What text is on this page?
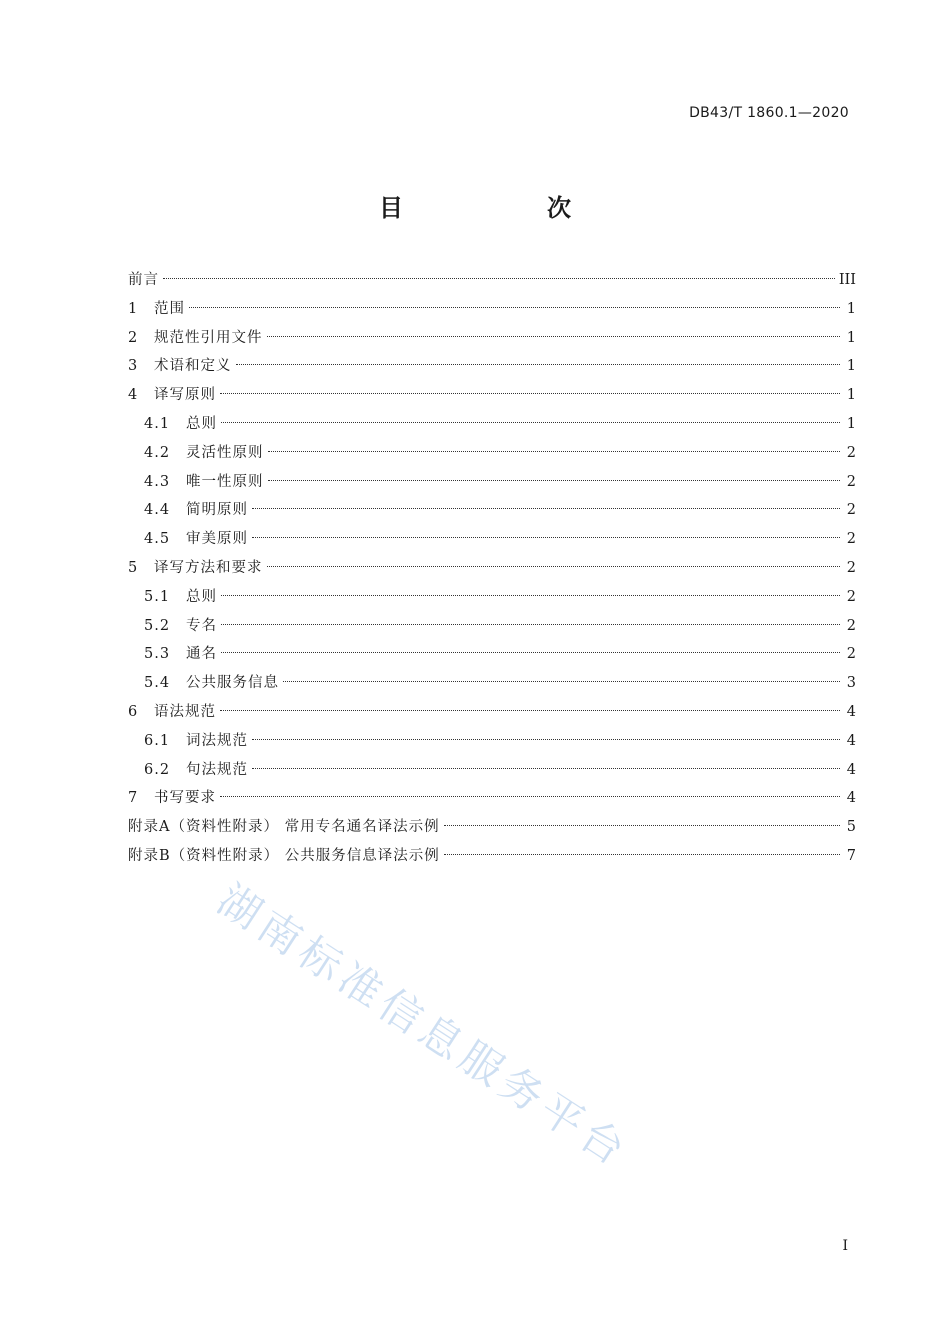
DB43/T 1860.1—2020
目　次
前言	III
1	范围	1
2	规范性引用文件	1
3	术语和定义	1
4	译写原则	1
4.1	总则	1
4.2	灵活性原则	2
4.3	唯一性原则	2
4.4	简明原则	2
4.5	审美原则	2
5	译写方法和要求	2
5.1	总则	2
5.2	专名	2
5.3	通名	2
5.4	公共服务信息	3
6	语法规范	4
6.1	词法规范	4
6.2	句法规范	4
7	书写要求	4
附录A（资料性附录） 常用专名通名译法示例	5
附录B（资料性附录） 公共服务信息译法示例	7
湖南标准信息服务平台
I
